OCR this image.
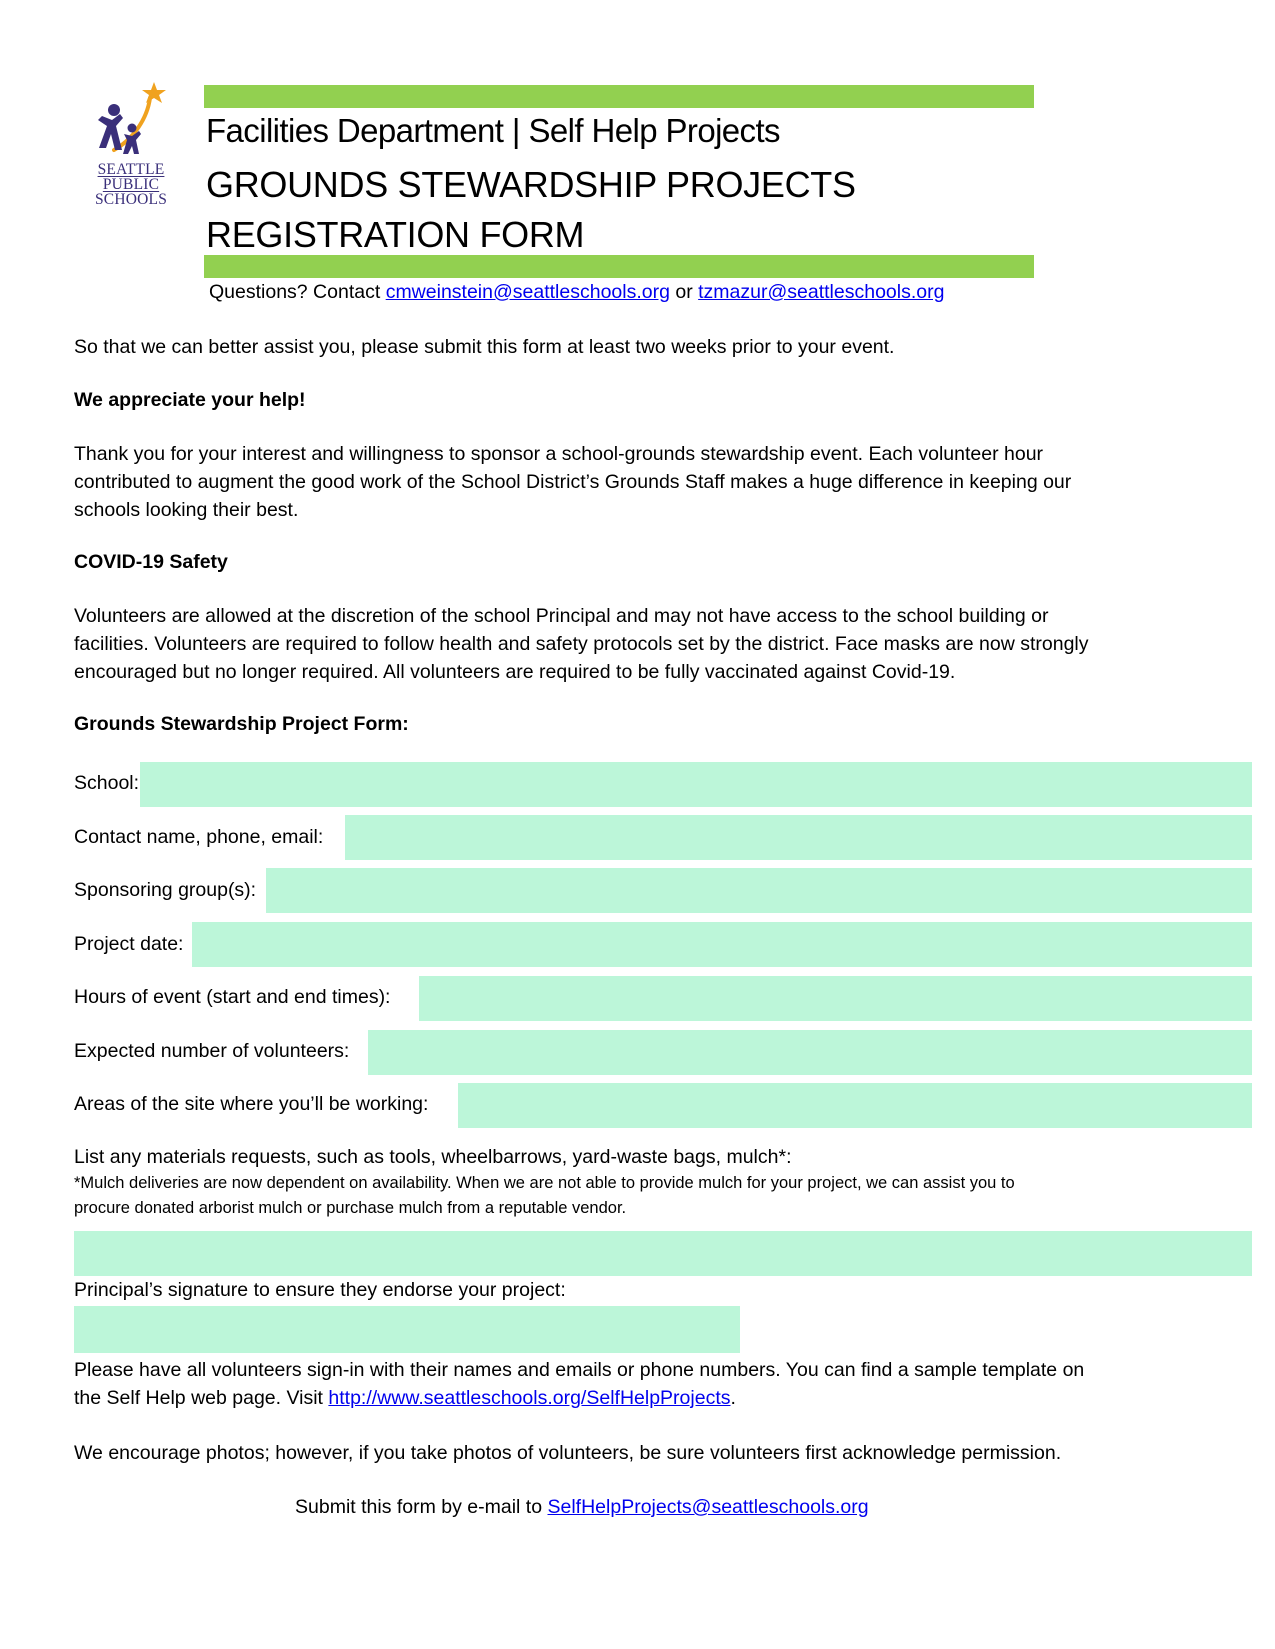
SEATTLE
PUBLIC
SCHOOLS
Facilities Department | Self Help Projects
GROUNDS STEWARDSHIP PROJECTS
REGISTRATION FORM
Questions? Contact cmweinstein@seattleschools.org or tzmazur@seattleschools.org
So that we can better assist you, please submit this form at least two weeks prior to your event.
We appreciate your help!
Thank you for your interest and willingness to sponsor a school-grounds stewardship event. Each volunteer hour
contributed to augment the good work of the School District’s Grounds Staff makes a huge difference in keeping our
schools looking their best.
COVID-19 Safety
Volunteers are allowed at the discretion of the school Principal and may not have access to the school building or
facilities. Volunteers are required to follow health and safety protocols set by the district. Face masks are now strongly
encouraged but no longer required. All volunteers are required to be fully vaccinated against Covid-19.
Grounds Stewardship Project Form:
School:
Contact name, phone, email:
Sponsoring group(s):
Project date:
Hours of event (start and end times):
Expected number of volunteers:
Areas of the site where you’ll be working:
List any materials requests, such as tools, wheelbarrows, yard-waste bags, mulch*:
*Mulch deliveries are now dependent on availability. When we are not able to provide mulch for your project, we can assist you to
procure donated arborist mulch or purchase mulch from a reputable vendor.
Principal’s signature to ensure they endorse your project:
Please have all volunteers sign-in with their names and emails or phone numbers. You can find a sample template on
the Self Help web page. Visit http://www.seattleschools.org/SelfHelpProjects.
We encourage photos; however, if you take photos of volunteers, be sure volunteers first acknowledge permission.
Submit this form by e-mail to SelfHelpProjects@seattleschools.org
